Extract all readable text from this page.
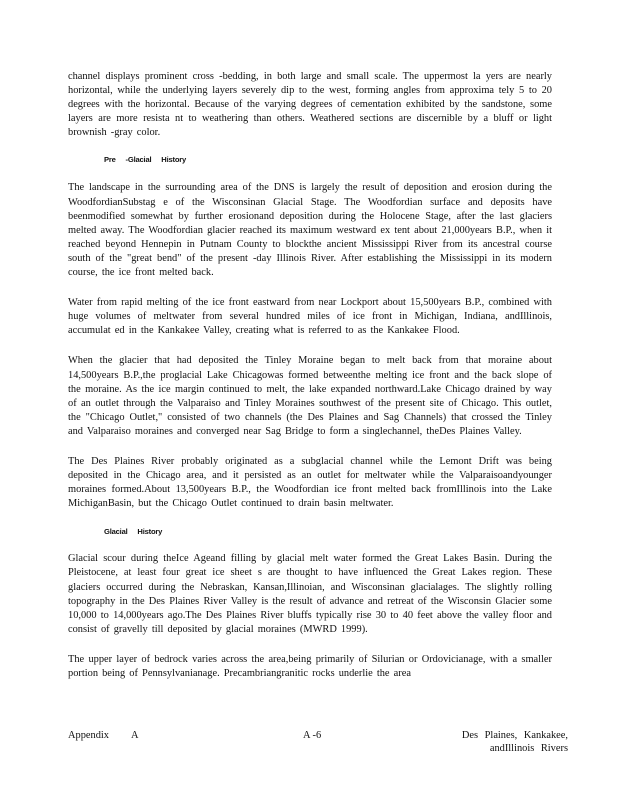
channel displays prominent cross -bedding, in both large and small scale. The uppermost la yers are nearly horizontal, while the underlying layers severely dip to the west, forming angles from approxima tely 5 to 20 degrees with the horizontal. Because of the varying degrees of cementation exhibited by the sandstone, some layers are more resista nt to weathering than others. Weathered sections are discernible by a bluff or light brownish -gray color.

Pre -Glacial History

The landscape in the surrounding area of the DNS is largely the result of deposition and erosion during the WoodfordianSubstag e of the Wisconsinan Glacial Stage. The Woodfordian surface and deposits have beenmodified somewhat by further erosionand deposition during the Holocene Stage, after the last glaciers melted away. The Woodfordian glacier reached its maximum westward ex tent about 21,000years B.P., when it reached beyond Hennepin in Putnam County to blockthe ancient Mississippi River from its ancestral course south of the "great bend" of the present -day Illinois River. After establishing the Mississippi in its modern course, the ice front melted back.

Water from rapid melting of the ice front eastward from near Lockport about 15,500years B.P., combined with huge volumes of meltwater from several hundred miles of ice front in Michigan, Indiana, andIllinois, accumulat ed in the Kankakee Valley, creating what is referred to as the Kankakee Flood.

When the glacier that had deposited the Tinley Moraine began to melt back from that moraine about 14,500years B.P.,the proglacial Lake Chicagowas formed betweenthe melting ice front and the back slope of the moraine. As the ice margin continued to melt, the lake expanded northward.Lake Chicago drained by way of an outlet through the Valparaiso and Tinley Moraines southwest of the present site of Chicago. This outlet, the "Chicago Outlet," consisted of two channels (the Des Plaines and Sag Channels) that crossed the Tinley and Valparaiso moraines and converged near Sag Bridge to form a singlechannel, theDes Plaines Valley.

The Des Plaines River probably originated as a subglacial channel while the Lemont Drift was being deposited in the Chicago area, and it persisted as an outlet for meltwater while the Valparaisoandyounger moraines formed.About 13,500years B.P., the Woodfordian ice front melted back fromIllinois into the Lake MichiganBasin, but the Chicago Outlet continued to drain basin meltwater.

Glacial History

Glacial scour during theIce Ageand filling by glacial melt water formed the Great Lakes Basin. During the Pleistocene, at least four great ice sheet s are thought to have influenced the Great Lakes region. These glaciers occurred during the Nebraskan, Kansan,Illinoian, and Wisconsinan glacialages. The slightly rolling topography in the Des Plaines River Valley is the result of advance and retreat of the Wisconsin Glacier some 10,000 to 14,000years ago.The Des Plaines River bluffs typically rise 30 to 40 feet above the valley floor and consist of gravelly till deposited by glacial moraines (MWRD 1999).

The upper layer of bedrock varies across the area,being primarily of Silurian or Ordovicianage, with a smaller portion being of Pennsylvanianage. Precambriangranitic rocks underlie the area

Appendix A	A -6	Des Plaines, Kankakee,
andIllinois Rivers
